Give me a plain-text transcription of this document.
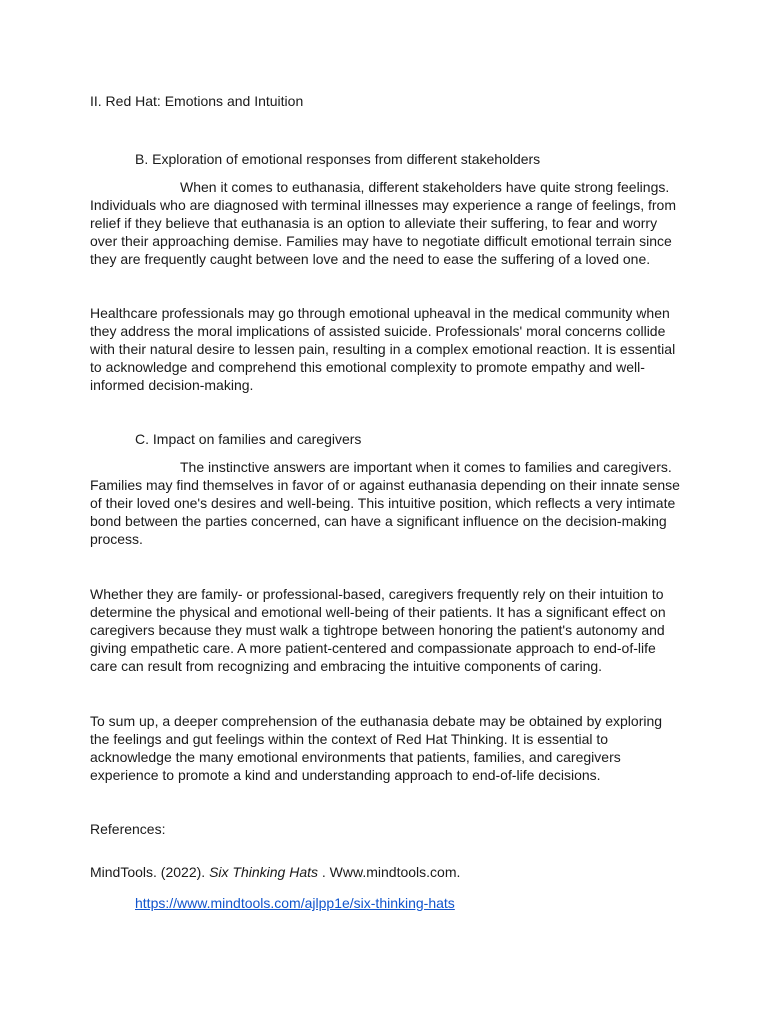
II. Red Hat: Emotions and Intuition

B. Exploration of emotional responses from different stakeholders

When it comes to euthanasia, different stakeholders have quite strong feelings. Individuals who are diagnosed with terminal illnesses may experience a range of feelings, from relief if they believe that euthanasia is an option to alleviate their suffering, to fear and worry over their approaching demise. Families may have to negotiate difficult emotional terrain since they are frequently caught between love and the need to ease the suffering of a loved one.

Healthcare professionals may go through emotional upheaval in the medical community when they address the moral implications of assisted suicide. Professionals' moral concerns collide with their natural desire to lessen pain, resulting in a complex emotional reaction. It is essential to acknowledge and comprehend this emotional complexity to promote empathy and well-informed decision-making.

C. Impact on families and caregivers

The instinctive answers are important when it comes to families and caregivers. Families may find themselves in favor of or against euthanasia depending on their innate sense of their loved one's desires and well-being. This intuitive position, which reflects a very intimate bond between the parties concerned, can have a significant influence on the decision-making process.

Whether they are family- or professional-based, caregivers frequently rely on their intuition to determine the physical and emotional well-being of their patients. It has a significant effect on caregivers because they must walk a tightrope between honoring the patient's autonomy and giving empathetic care. A more patient-centered and compassionate approach to end-of-life care can result from recognizing and embracing the intuitive components of caring.

To sum up, a deeper comprehension of the euthanasia debate may be obtained by exploring the feelings and gut feelings within the context of Red Hat Thinking. It is essential to acknowledge the many emotional environments that patients, families, and caregivers experience to promote a kind and understanding approach to end-of-life decisions.

References:

MindTools. (2022). Six Thinking Hats . Www.mindtools.com.

https://www.mindtools.com/ajlpp1e/six-thinking-hats
